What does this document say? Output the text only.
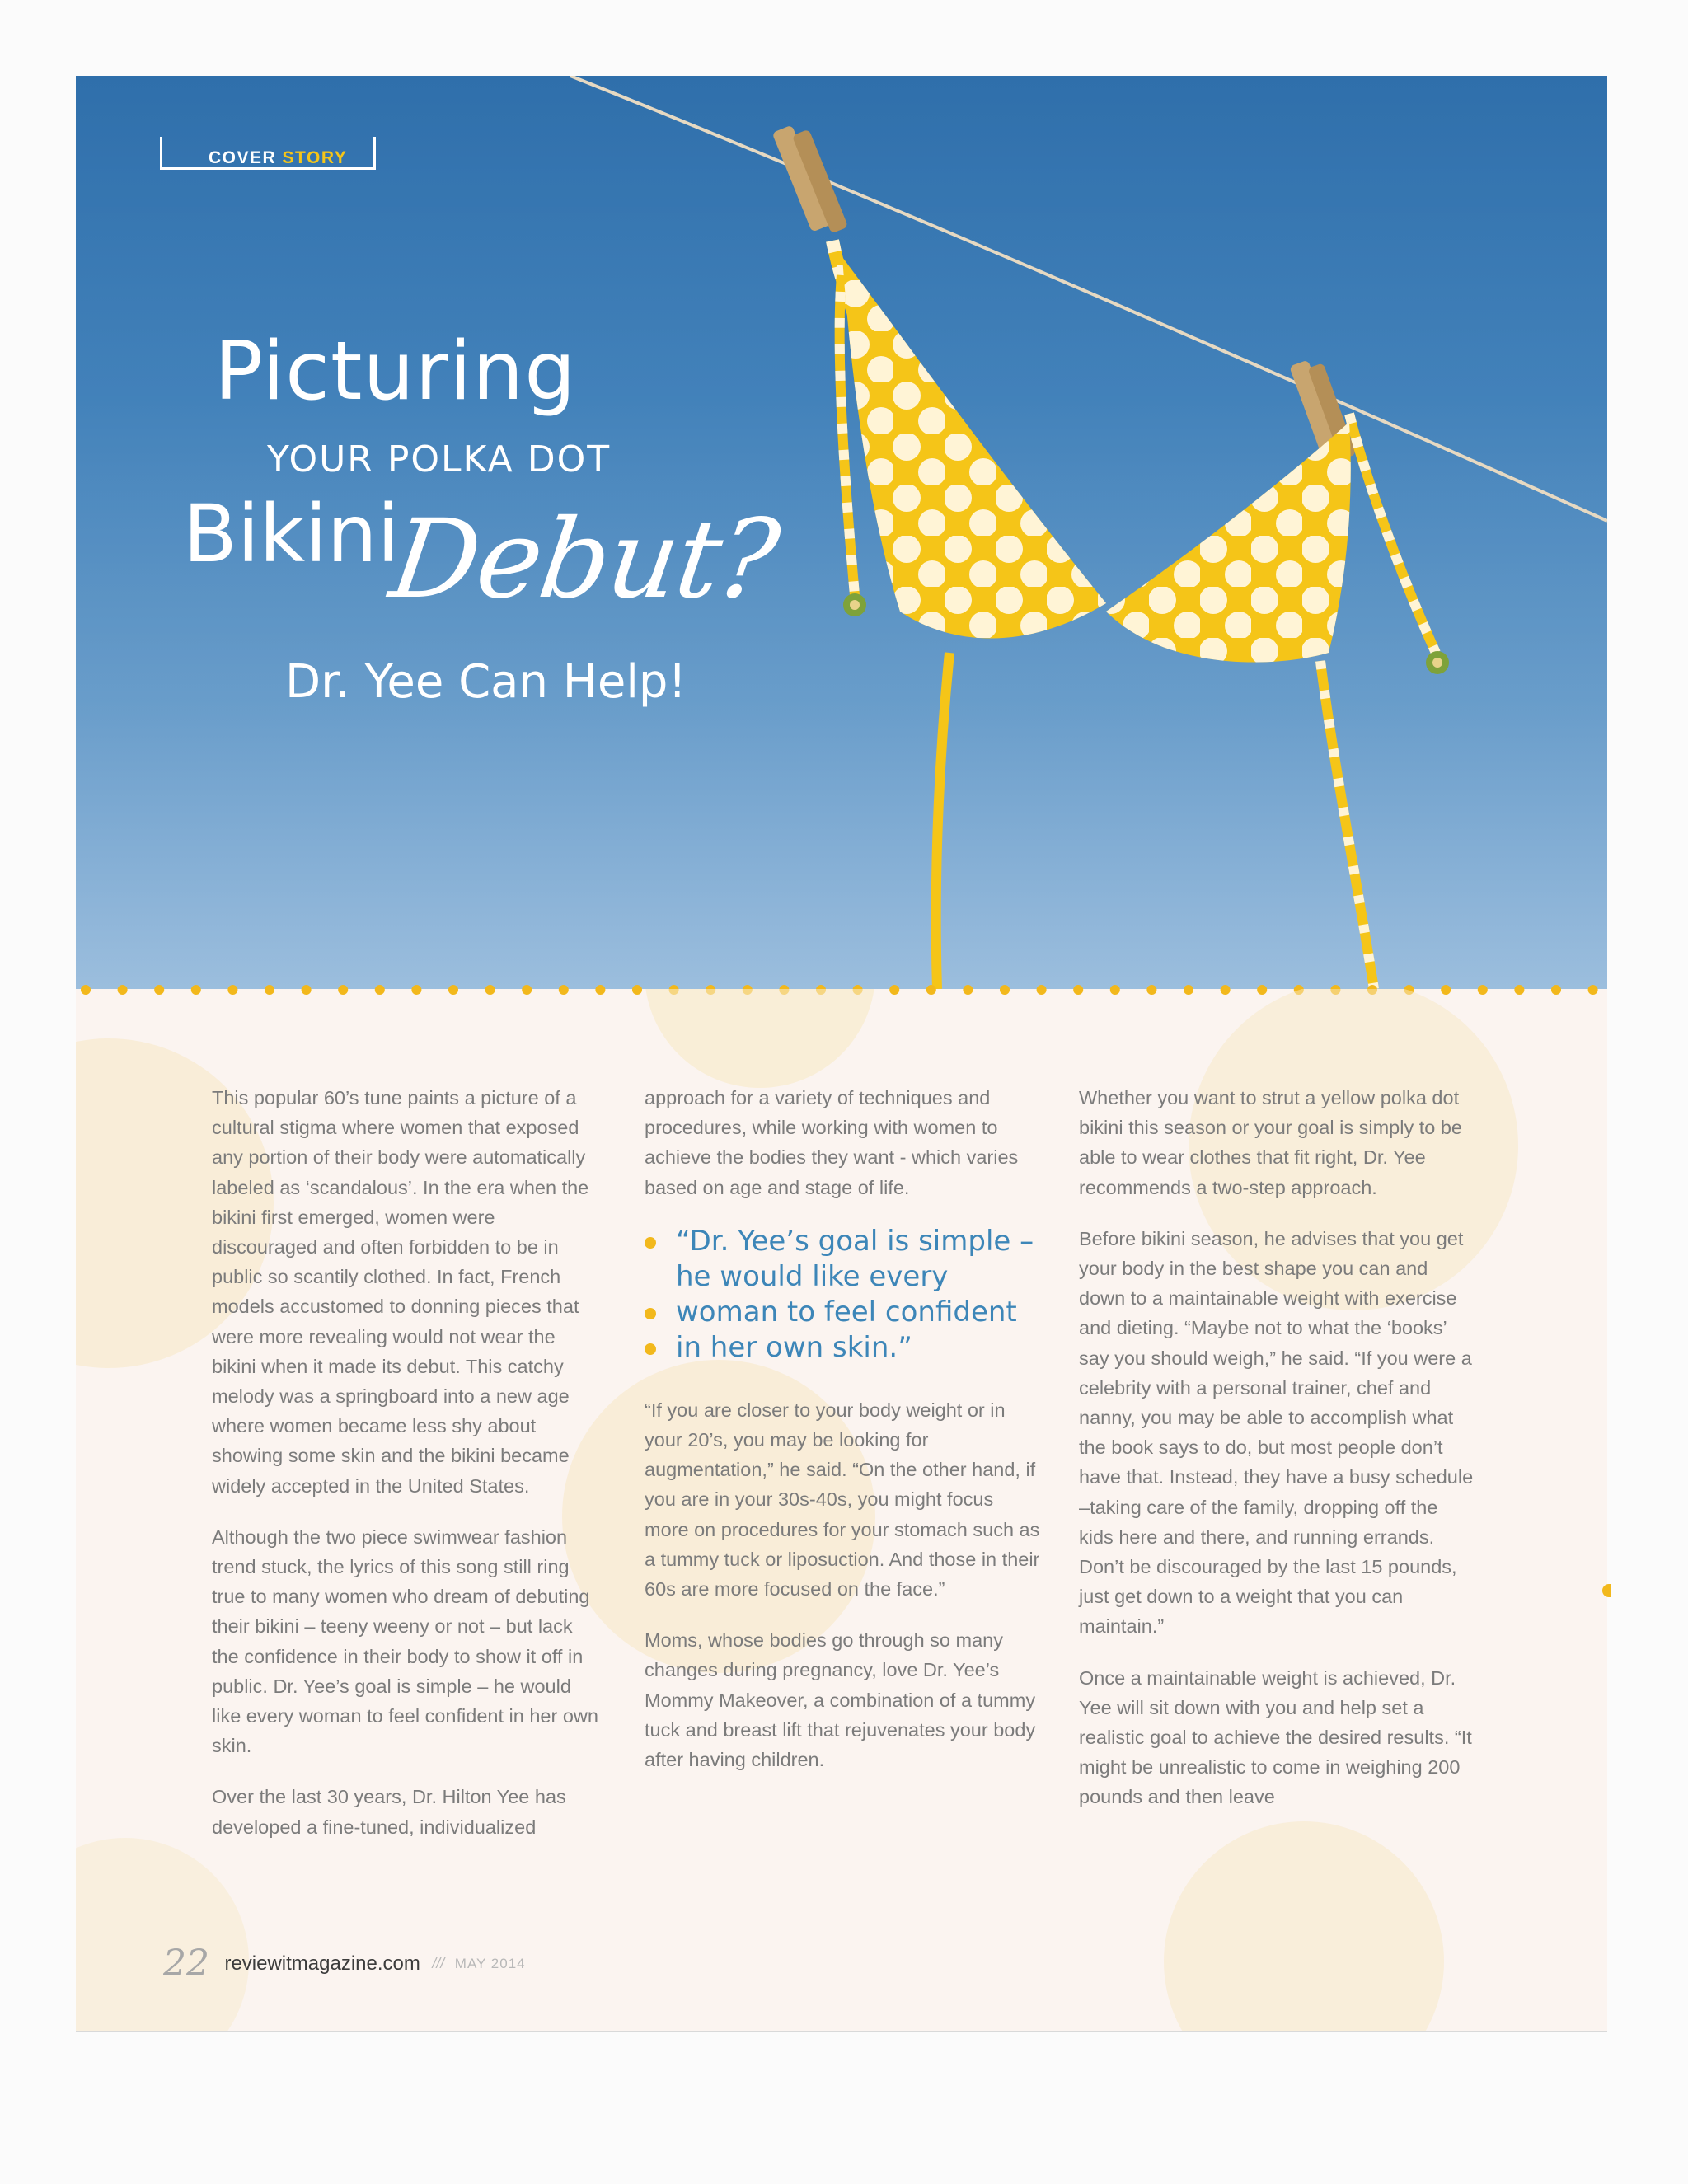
COVER STORY
Picturing
YOUR POLKA DOT
Bikini
Debut?
Dr. Yee Can Help!

This popular 60’s tune paints a picture of a cultural stigma where women that exposed any portion of their body were automatically labeled as ‘scandalous’. In the era when the bikini first emerged, women were discouraged and often forbidden to be in public so scantily clothed. In fact, French models accustomed to donning pieces that were more revealing would not wear the bikini when it made its debut. This catchy melody was a springboard into a new age where women became less shy about showing some skin and the bikini became widely accepted in the United States.

Although the two piece swimwear fashion trend stuck, the lyrics of this song still ring true to many women who dream of debuting their bikini – teeny weeny or not – but lack the confidence in their body to show it off in public. Dr. Yee’s goal is simple – he would like every woman to feel confident in her own skin.

Over the last 30 years, Dr. Hilton Yee has developed a fine-tuned, individualized

approach for a variety of techniques and procedures, while working with women to achieve the bodies they want - which varies based on age and stage of life.

“Dr. Yee’s goal is simple – he would like every woman to feel confident in her own skin.”

“If you are closer to your body weight or in your 20’s, you may be looking for augmentation,” he said. “On the other hand, if you are in your 30s-40s, you might focus more on procedures for your stomach such as a tummy tuck or liposuction. And those in their 60s are more focused on the face.”

Moms, whose bodies go through so many changes during pregnancy, love Dr. Yee’s Mommy Makeover, a combination of a tummy tuck and breast lift that rejuvenates your body after having children.

Whether you want to strut a yellow polka dot bikini this season or your goal is simply to be able to wear clothes that fit right, Dr. Yee recommends a two-step approach.

Before bikini season, he advises that you get your body in the best shape you can and down to a maintainable weight with exercise and dieting. “Maybe not to what the ‘books’ say you should weigh,” he said. “If you were a celebrity with a personal trainer, chef and nanny, you may be able to accomplish what the book says to do, but most people don’t have that. Instead, they have a busy schedule –taking care of the family, dropping off the kids here and there, and running errands. Don’t be discouraged by the last 15 pounds, just get down to a weight that you can maintain.”

Once a maintainable weight is achieved, Dr. Yee will sit down with you and help set a realistic goal to achieve the desired results. “It might be unrealistic to come in weighing 200 pounds and then leave

22 reviewitmagazine.com /// MAY 2014
